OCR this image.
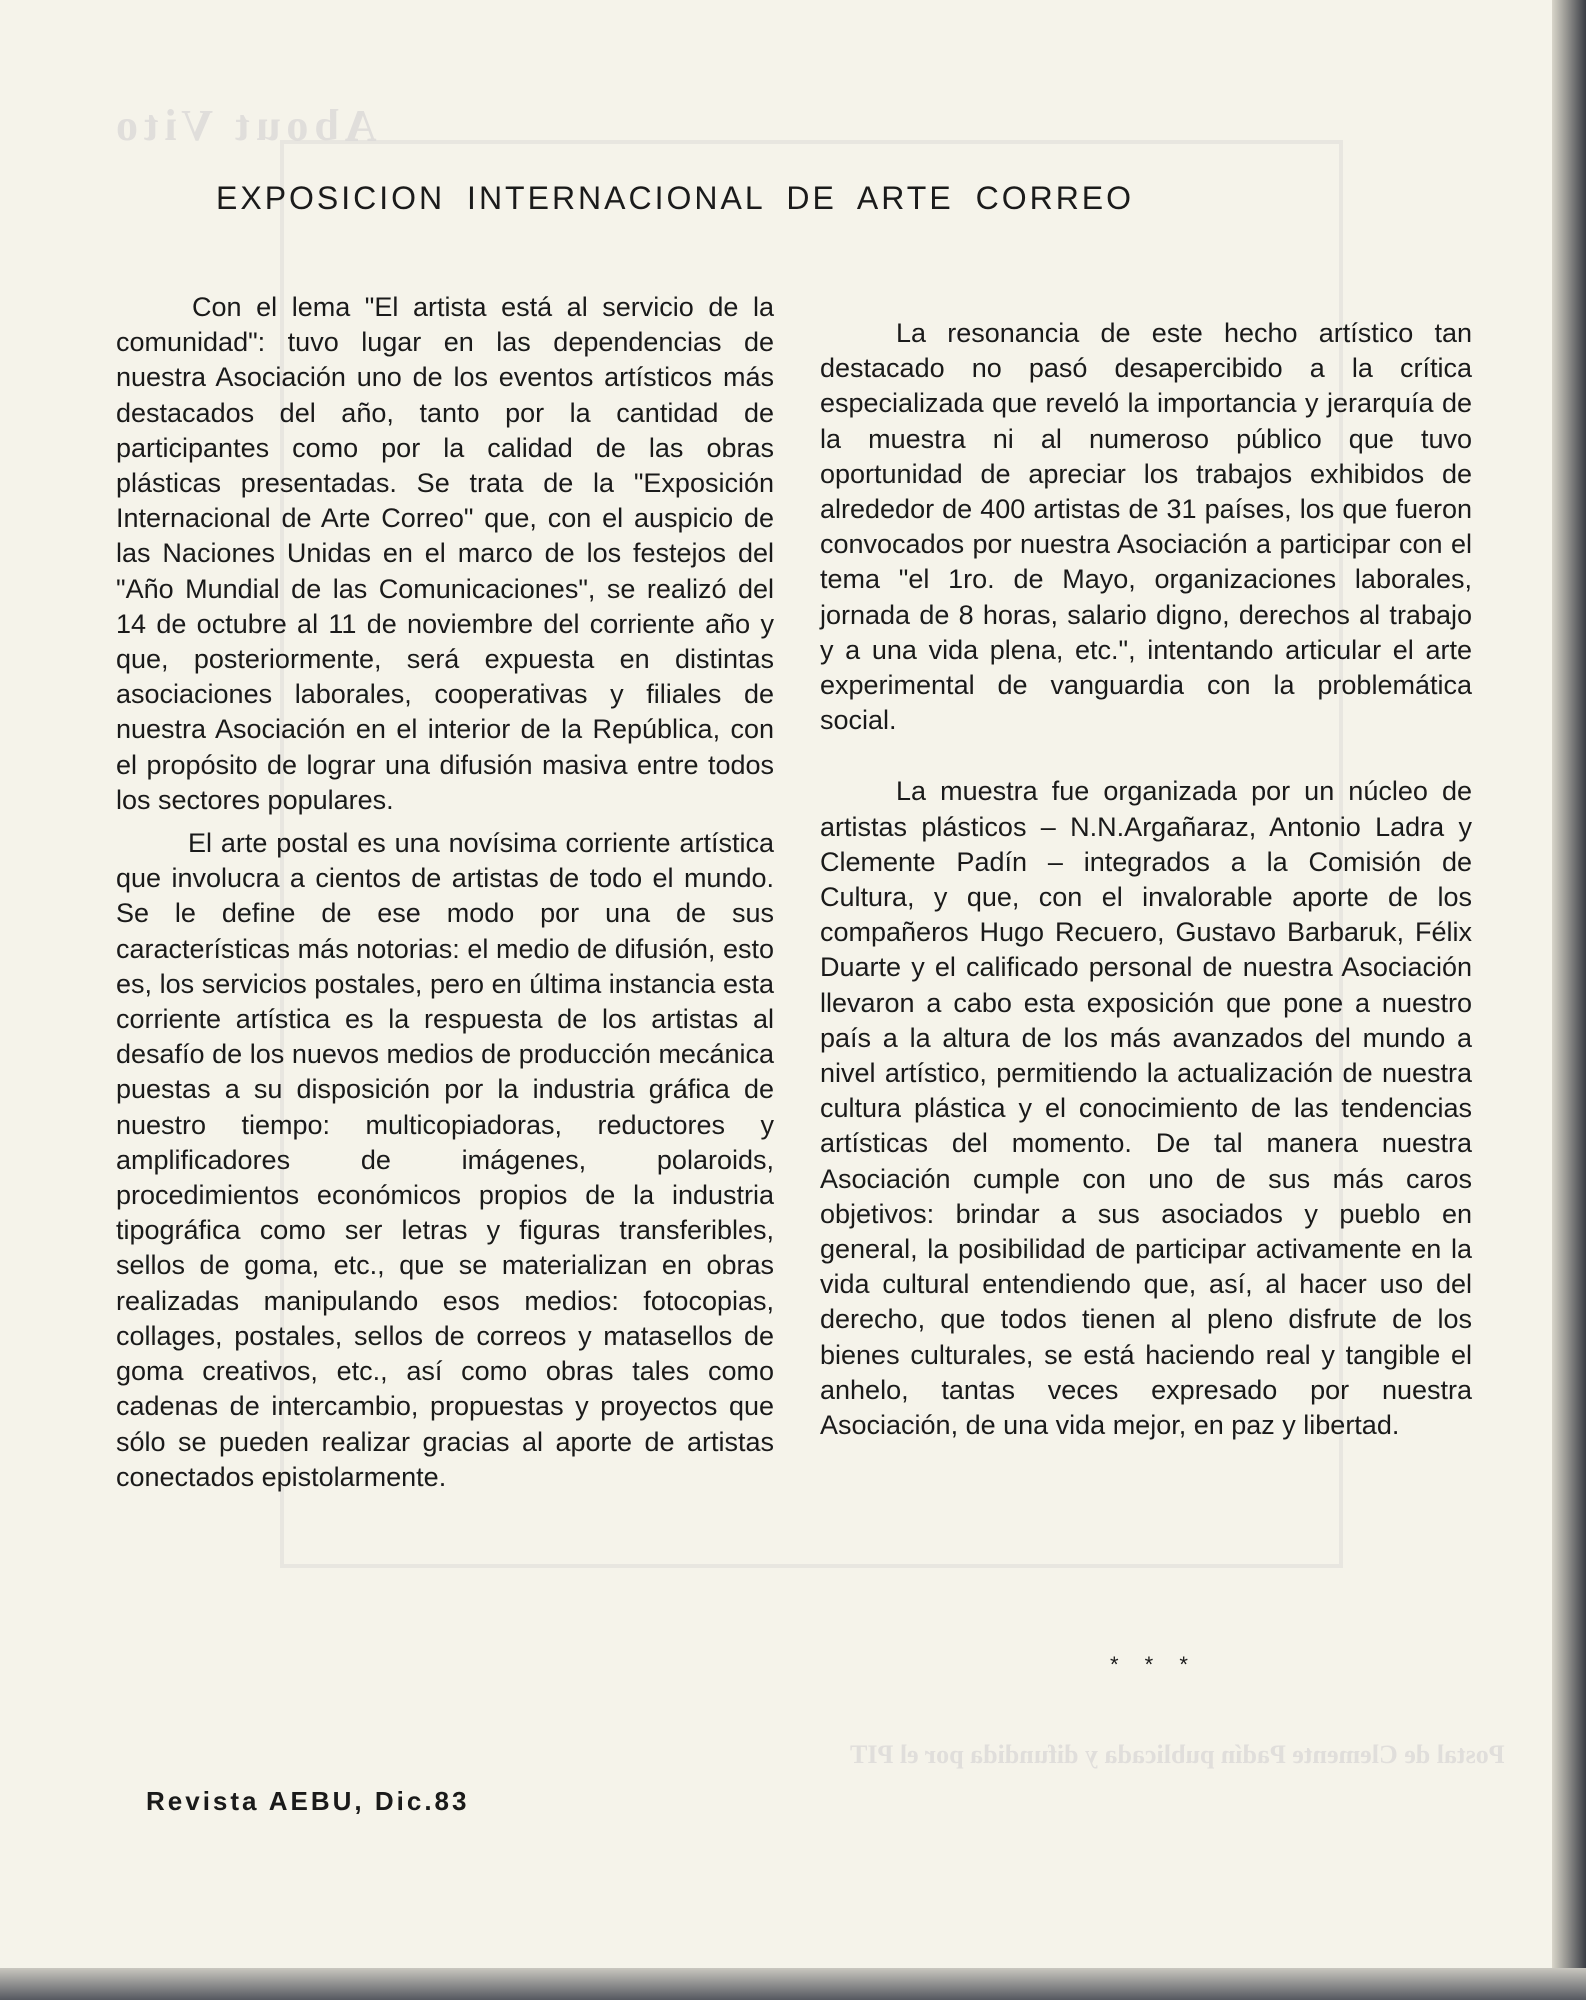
About Vito
Postal de Clemente Padín publicada y difundida por el PIT
EXPOSICION INTERNACIONAL DE ARTE CORREO

Con el lema "El artista está al servicio de la comunidad": tuvo lugar en las dependencias de nuestra Asociación uno de los eventos artísticos más destacados del año, tanto por la cantidad de participantes como por la calidad de las obras plásticas presentadas. Se trata de la "Exposición Internacional de Arte Correo" que, con el auspicio de las Naciones Unidas en el marco de los festejos del "Año Mundial de las Comunicaciones", se realizó del 14 de octubre al 11 de noviembre del corriente año y que, posteriormente, será expuesta en distintas asociaciones laborales, cooperativas y filiales de nuestra Asociación en el interior de la República, con el propósito de lograr una difusión masiva entre todos los sectores populares.

El arte postal es una novísima corriente artística que involucra a cientos de artistas de todo el mundo. Se le define de ese modo por una de sus características más notorias: el medio de difusión, esto es, los servicios postales, pero en última instancia esta corriente artística es la respuesta de los artistas al desafío de los nuevos medios de producción mecánica puestas a su disposición por la industria gráfica de nuestro tiempo: multicopiadoras, reductores y amplificadores de imágenes, polaroids, procedimientos económicos propios de la industria tipográfica como ser letras y figuras transferibles, sellos de goma, etc., que se materializan en obras realizadas manipulando esos medios: fotocopias, collages, postales, sellos de correos y matasellos de goma creativos, etc., así como obras tales como cadenas de intercambio, propuestas y proyectos que sólo se pueden realizar gracias al aporte de artistas conectados epistolarmente.

La resonancia de este hecho artístico tan destacado no pasó desapercibido a la crítica especializada que reveló la importancia y jerarquía de la muestra ni al numeroso público que tuvo oportunidad de apreciar los trabajos exhibidos de alrededor de 400 artistas de 31 países, los que fueron convocados por nuestra Asociación a participar con el tema "el 1ro. de Mayo, organizaciones laborales, jornada de 8 horas, salario digno, derechos al trabajo y a una vida plena, etc.", intentando articular el arte experimental de vanguardia con la problemática social.

La muestra fue organizada por un núcleo de artistas plásticos – N.N.Argañaraz, Antonio Ladra y Clemente Padín – integrados a la Comisión de Cultura, y que, con el invalorable aporte de los compañeros Hugo Recuero, Gustavo Barbaruk, Félix Duarte y el calificado personal de nuestra Asociación llevaron a cabo esta exposición que pone a nuestro país a la altura de los más avanzados del mundo a nivel artístico, permitiendo la actualización de nuestra cultura plástica y el conocimiento de las tendencias artísticas del momento. De tal manera nuestra Asociación cumple con uno de sus más caros objetivos: brindar a sus asociados y pueblo en general, la posibilidad de participar activamente en la vida cultural entendiendo que, así, al hacer uso del derecho, que todos tienen al pleno disfrute de los bienes culturales, se está haciendo real y tangible el anhelo, tantas veces expresado por nuestra Asociación, de una vida mejor, en paz y libertad.

* * *
Revista AEBU, Dic.83
